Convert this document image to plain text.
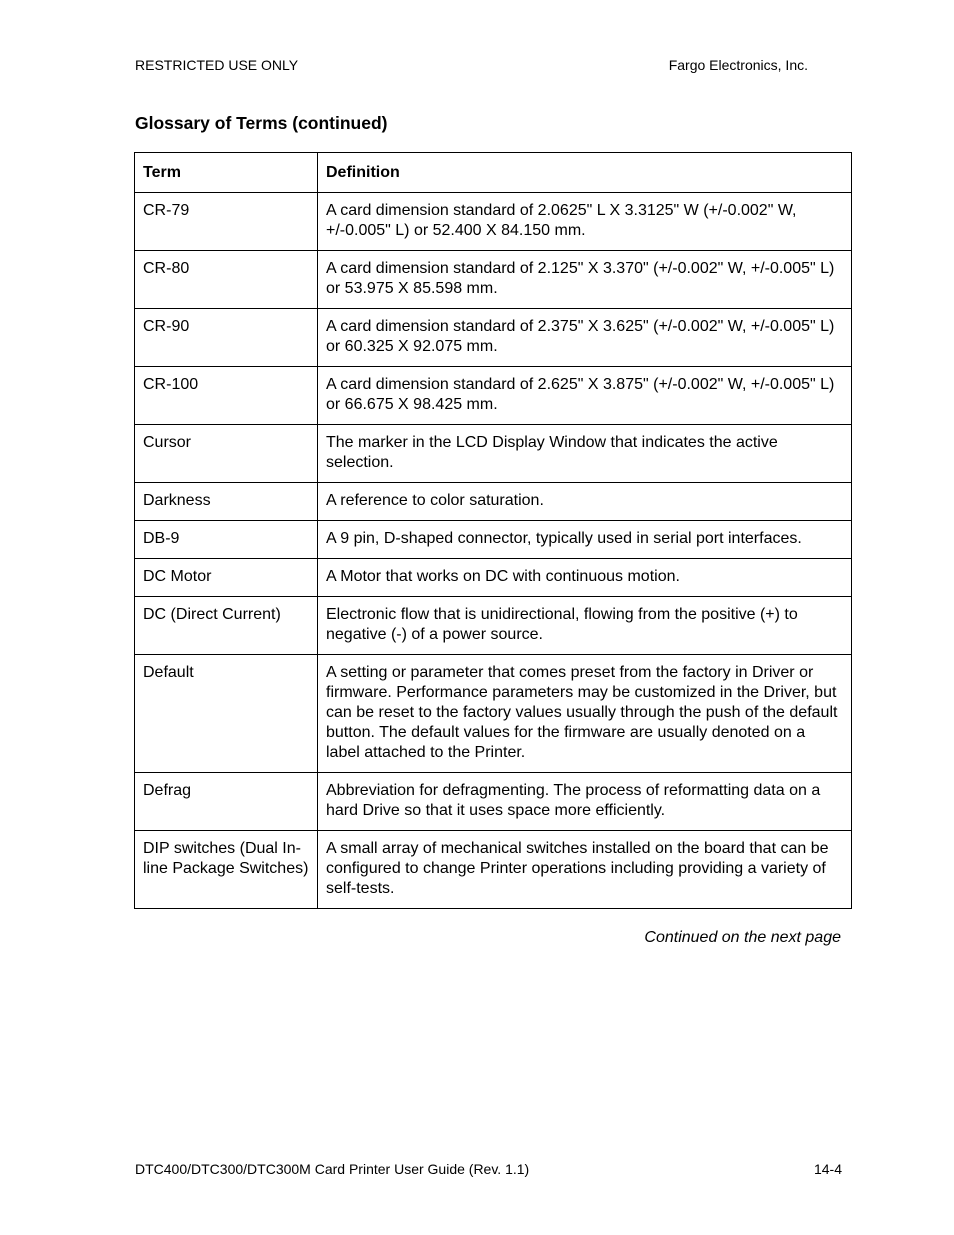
RESTRICTED USE ONLY	Fargo Electronics, Inc.
Glossary of Terms (continued)
Term	Definition
CR-79	A card dimension standard of 2.0625" L X 3.3125" W (+/-0.002" W, +/-0.005" L) or 52.400 X 84.150 mm.
CR-80	A card dimension standard of 2.125" X 3.370" (+/-0.002" W, +/-0.005" L) or 53.975 X 85.598 mm.
CR-90	A card dimension standard of 2.375" X 3.625" (+/-0.002" W, +/-0.005" L) or 60.325 X 92.075 mm.
CR-100	A card dimension standard of 2.625" X 3.875" (+/-0.002" W, +/-0.005" L) or 66.675 X 98.425 mm.
Cursor	The marker in the LCD Display Window that indicates the active selection.
Darkness	A reference to color saturation.
DB-9	A 9 pin, D-shaped connector, typically used in serial port interfaces.
DC Motor	A Motor that works on DC with continuous motion.
DC (Direct Current)	Electronic flow that is unidirectional, flowing from the positive (+) to negative (-) of a power source.
Default	A setting or parameter that comes preset from the factory in Driver or firmware. Performance parameters may be customized in the Driver, but can be reset to the factory values usually through the push of the default button. The default values for the firmware are usually denoted on a label attached to the Printer.
Defrag	Abbreviation for defragmenting. The process of reformatting data on a hard Drive so that it uses space more efficiently.
DIP switches (Dual In-line Package Switches)	A small array of mechanical switches installed on the board that can be configured to change Printer operations including providing a variety of self-tests.
Continued on the next page
DTC400/DTC300/DTC300M Card Printer User Guide (Rev. 1.1)	14-4
